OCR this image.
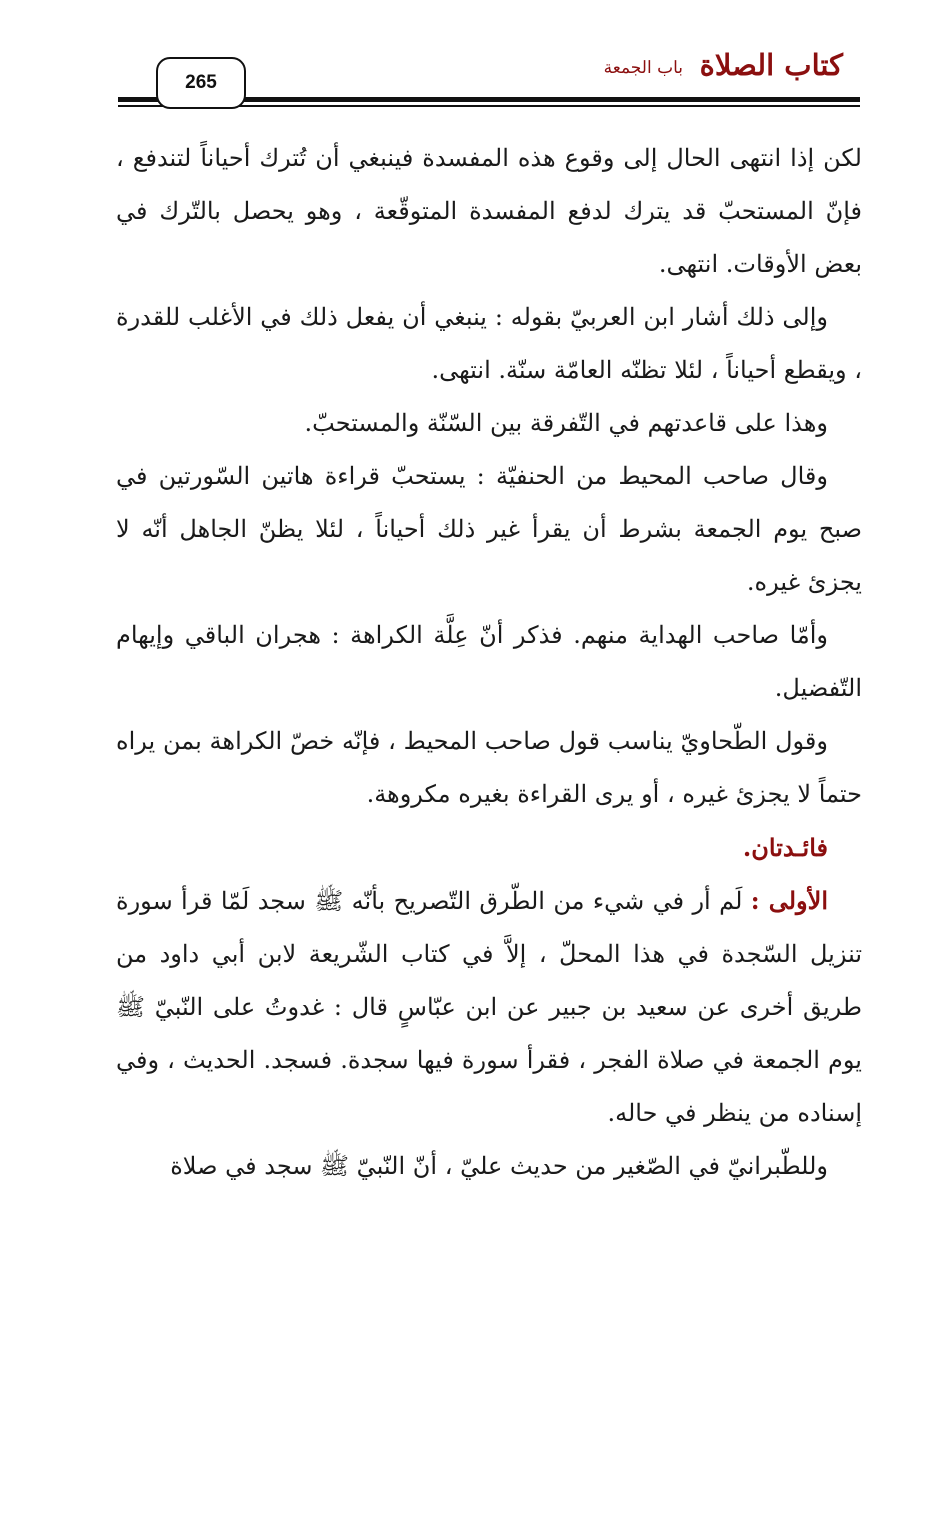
كتاب الصلاة
باب الجمعة
265

لكن إذا انتهى الحال إلى وقوع هذه المفسدة فينبغي أن تُترك أحياناً لتندفع ، فإنّ المستحبّ قد يترك لدفع المفسدة المتوقّعة ، وهو يحصل بالتّرك في بعض الأوقات. انتهى.

وإلى ذلك أشار ابن العربيّ بقوله : ينبغي أن يفعل ذلك في الأغلب للقدرة ، ويقطع أحياناً ، لئلا تظنّه العامّة سنّة. انتهى.

وهذا على قاعدتهم في التّفرقة بين السّنّة والمستحبّ.

وقال صاحب المحيط من الحنفيّة : يستحبّ قراءة هاتين السّورتين في صبح يوم الجمعة بشرط أن يقرأ غير ذلك أحياناً ، لئلا يظنّ الجاهل أنّه لا يجزئ غيره.

وأمّا صاحب الهداية منهم. فذكر أنّ عِلَّة الكراهة : هجران الباقي وإيهام التّفضيل.

وقول الطّحاويّ يناسب قول صاحب المحيط ، فإنّه خصّ الكراهة بمن يراه حتماً لا يجزئ غيره ، أو يرى القراءة بغيره مكروهة.

فائـدتان.

الأولى : لَم أر في شيء من الطّرق التّصريح بأنّه ﷺ سجد لَمّا قرأ سورة تنزيل السّجدة في هذا المحلّ ، إلاَّ في كتاب الشّريعة لابن أبي داود من طريق أخرى عن سعيد بن جبير عن ابن عبّاسٍ قال : غدوتُ على النّبيّ ﷺ يوم الجمعة في صلاة الفجر ، فقرأ سورة فيها سجدة. فسجد. الحديث ، وفي إسناده من ينظر في حاله.

وللطّبرانيّ في الصّغير من حديث عليّ ، أنّ النّبيّ ﷺ سجد في صلاة
